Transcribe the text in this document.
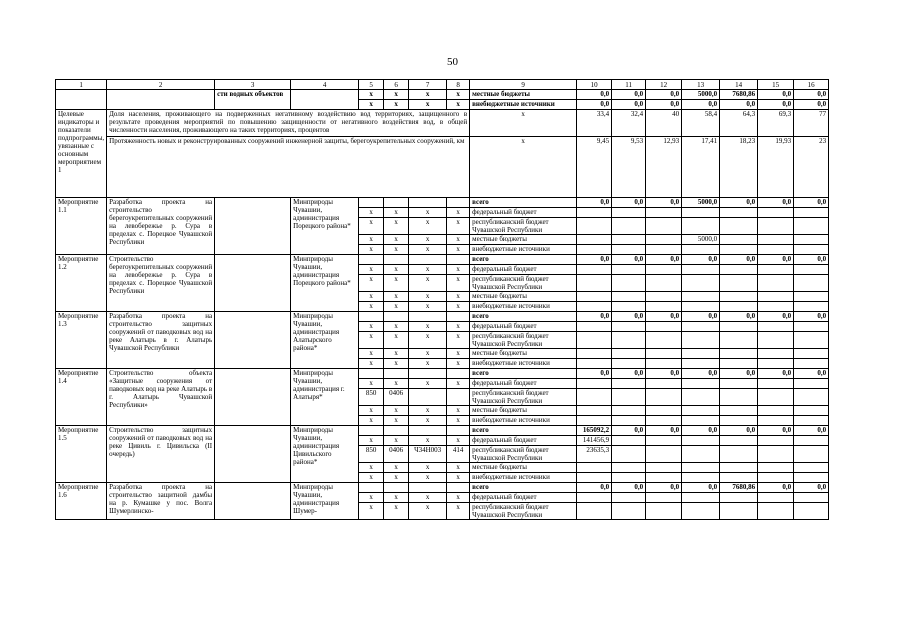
50
1	2	3	4	5	6	7	8	9	10	11	12	13	14	15	16
		сти водных объектов		x	x	x	x	местные бюджеты	0,0	0,0	0,0	5000,0	7680,86	0,0	0,0
				x	x	x	x	внебюджетные источники	0,0	0,0	0,0	0,0	0,0	0,0	0,0
Целевые индикаторы и показатели подпрограммы, увязанные с основным мероприятием 1	Доля населения, проживающего на подверженных негативному воздействию вод территориях, защищенного в результате проведения мероприятий по повышению защищенности от негативного воздействия вод, в общей численности населения, проживающего на таких территориях, процентов							x	33,4	32,4	40	58,4	64,3	69,3	77
	Протяженность новых и реконструированных сооружений инженерной защиты, берегоукрепительных сооружений, км							x	9,45	9,53	12,93	17,41	18,23	19,93	23
Мероприятие 1.1	Разработка проекта на строительство берегоукрепительных сооружений на левобережье р. Сура в пределах с. Порецкое Чувашской Республики		Минприроды Чувашии, администрация Порецкого района*					всего	0,0	0,0	0,0	5000,0	0,0	0,0	0,0
				x	x	x	x	федеральный бюджет							
				x	x	x	x	республиканский бюджет Чувашской Республики							
				x	x	x	x	местные бюджеты				5000,0			
				x	x	x	x	внебюджетные источники							
Мероприятие 1.2	Строительство берегоукрепительных сооружений на левобережье р. Сура в пределах с. Порецкое Чувашской Республики		Минприроды Чувашии, администрация Порецкого района*					всего	0,0	0,0	0,0	0,0	0,0	0,0	0,0
				x	x	x	x	федеральный бюджет							
				x	x	x	x	республиканский бюджет Чувашской Республики							
				x	x	x	x	местные бюджеты							
				x	x	x	x	внебюджетные источники							
Мероприятие 1.3	Разработка проекта на строительство защитных сооружений от паводковых вод на реке Алатырь в г. Алатырь Чувашской Республики		Минприроды Чувашии, администрация Алатырского района*					всего	0,0	0,0	0,0	0,0	0,0	0,0	0,0
				x	x	x	x	федеральный бюджет							
				x	x	x	x	республиканский бюджет Чувашской Республики							
				x	x	x	x	местные бюджеты							
				x	x	x	x	внебюджетные источники							
Мероприятие 1.4	Строительство объекта «Защитные сооружения от паводковых вод на реке Алатырь в г. Алатырь Чувашской Республики»		Минприроды Чувашии, администрация г. Алатыря*					всего	0,0	0,0	0,0	0,0	0,0	0,0	0,0
				x	x	x	x	федеральный бюджет							
				850	0406			республиканский бюджет Чувашской Республики							
				x	x	x	x	местные бюджеты							
				x	x	x	x	внебюджетные источники							
Мероприятие 1.5	Строительство защитных сооружений от паводковых вод на реке Цивиль г. Цивильска (II очередь)		Минприроды Чувашии, администрация Цивильского района*					всего	165092,2	0,0	0,0	0,0	0,0	0,0	0,0
				x	x	x	x	федеральный бюджет	141456,9						
				850	0406	Ч34Н003	414	республиканский бюджет Чувашской Республики	23635,3						
				x	x	x	x	местные бюджеты							
				x	x	x	x	внебюджетные источники							
Мероприятие 1.6	Разработка проекта на строительство защитной дамбы на р. Кумашке у пос. Волга Шумерлинско-		Минприроды Чувашии, администрация Шумер-					всего	0,0	0,0	0,0	0,0	7680,86	0,0	0,0
				x	x	x	x	федеральный бюджет							
				x	x	x	x	республиканский бюджет Чувашской Республики							
